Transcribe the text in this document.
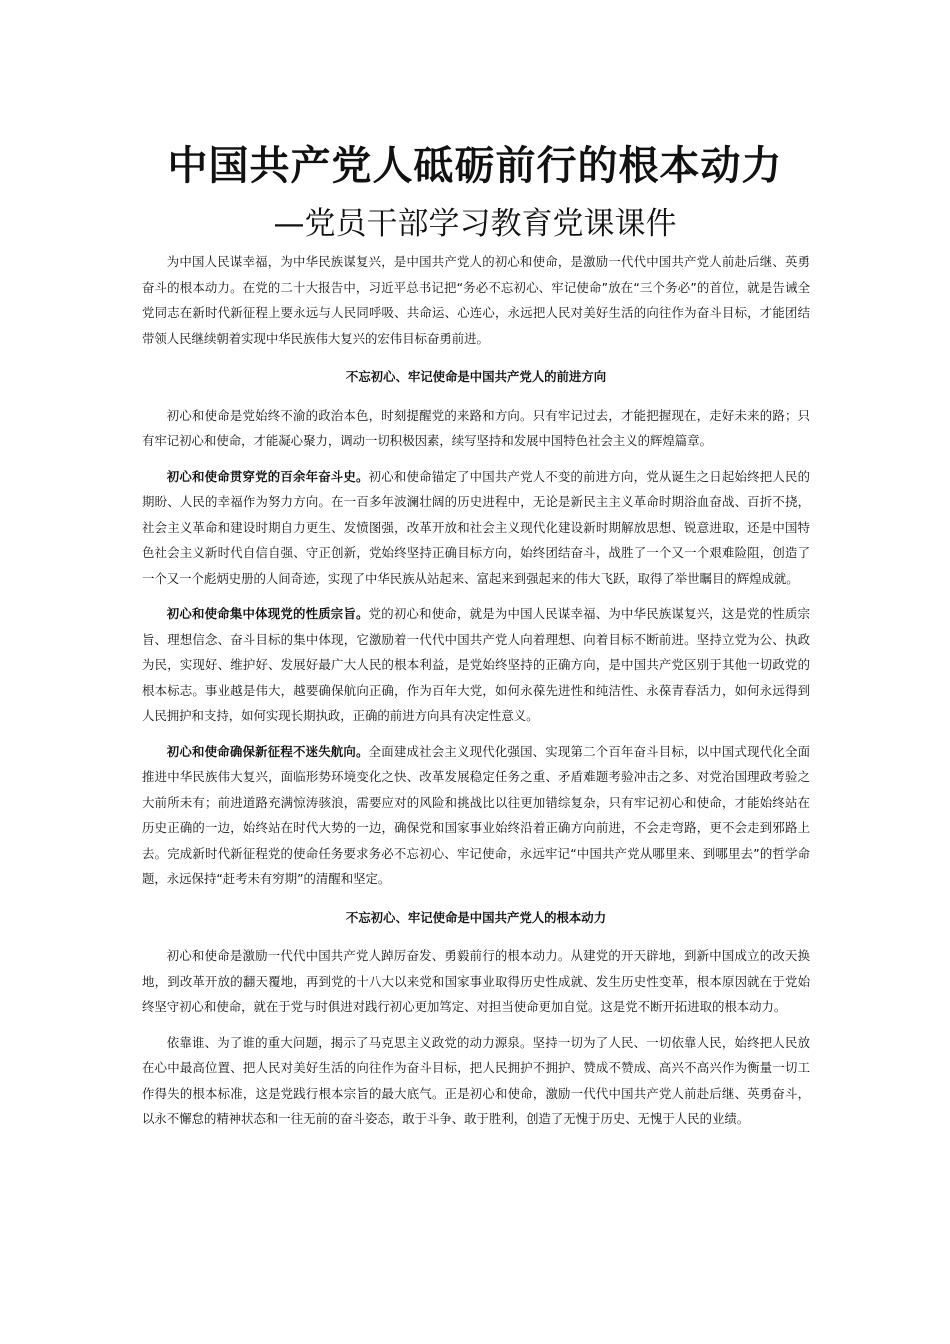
中国共产党人砥砺前行的根本动力
—党员干部学习教育党课课件

为中国人民谋幸福，为中华民族谋复兴，是中国共产党人的初心和使命，是激励一代代中国共产党人前赴后继、英勇奋斗的根本动力。在党的二十大报告中，习近平总书记把“务必不忘初心、牢记使命”放在“三个务必”的首位，就是告诫全党同志在新时代新征程上要永远与人民同呼吸、共命运、心连心，永远把人民对美好生活的向往作为奋斗目标，才能团结带领人民继续朝着实现中华民族伟大复兴的宏伟目标奋勇前进。

不忘初心、牢记使命是中国共产党人的前进方向

初心和使命是党始终不渝的政治本色，时刻提醒党的来路和方向。只有牢记过去，才能把握现在，走好未来的路；只有牢记初心和使命，才能凝心聚力，调动一切积极因素，续写坚持和发展中国特色社会主义的辉煌篇章。

初心和使命贯穿党的百余年奋斗史。初心和使命锚定了中国共产党人不变的前进方向，党从诞生之日起始终把人民的期盼、人民的幸福作为努力方向。在一百多年波澜壮阔的历史进程中，无论是新民主主义革命时期浴血奋战、百折不挠，社会主义革命和建设时期自力更生、发愤图强，改革开放和社会主义现代化建设新时期解放思想、锐意进取，还是中国特色社会主义新时代自信自强、守正创新，党始终坚持正确目标方向，始终团结奋斗，战胜了一个又一个艰难险阻，创造了一个又一个彪炳史册的人间奇迹，实现了中华民族从站起来、富起来到强起来的伟大飞跃，取得了举世瞩目的辉煌成就。

初心和使命集中体现党的性质宗旨。党的初心和使命，就是为中国人民谋幸福、为中华民族谋复兴，这是党的性质宗旨、理想信念、奋斗目标的集中体现，它激励着一代代中国共产党人向着理想、向着目标不断前进。坚持立党为公、执政为民，实现好、维护好、发展好最广大人民的根本利益，是党始终坚持的正确方向，是中国共产党区别于其他一切政党的根本标志。事业越是伟大，越要确保航向正确，作为百年大党，如何永葆先进性和纯洁性、永葆青春活力，如何永远得到人民拥护和支持，如何实现长期执政，正确的前进方向具有决定性意义。

初心和使命确保新征程不迷失航向。全面建成社会主义现代化强国、实现第二个百年奋斗目标，以中国式现代化全面推进中华民族伟大复兴，面临形势环境变化之快、改革发展稳定任务之重、矛盾难题考验冲击之多、对党治国理政考验之大前所未有；前进道路充满惊涛骇浪，需要应对的风险和挑战比以往更加错综复杂，只有牢记初心和使命，才能始终站在历史正确的一边，始终站在时代大势的一边，确保党和国家事业始终沿着正确方向前进，不会走弯路，更不会走到邪路上去。完成新时代新征程党的使命任务要求务必不忘初心、牢记使命，永远牢记“中国共产党从哪里来、到哪里去”的哲学命题，永远保持“赶考未有穷期”的清醒和坚定。

不忘初心、牢记使命是中国共产党人的根本动力

初心和使命是激励一代代中国共产党人踔厉奋发、勇毅前行的根本动力。从建党的开天辟地，到新中国成立的改天换地，到改革开放的翻天覆地，再到党的十八大以来党和国家事业取得历史性成就、发生历史性变革，根本原因就在于党始终坚守初心和使命，就在于党与时俱进对践行初心更加笃定、对担当使命更加自觉。这是党不断开拓进取的根本动力。

依靠谁、为了谁的重大问题，揭示了马克思主义政党的动力源泉。坚持一切为了人民、一切依靠人民，始终把人民放在心中最高位置、把人民对美好生活的向往作为奋斗目标，把人民拥护不拥护、赞成不赞成、高兴不高兴作为衡量一切工作得失的根本标准，这是党践行根本宗旨的最大底气。正是初心和使命，激励一代代中国共产党人前赴后继、英勇奋斗，以永不懈怠的精神状态和一往无前的奋斗姿态，敢于斗争、敢于胜利，创造了无愧于历史、无愧于人民的业绩。
